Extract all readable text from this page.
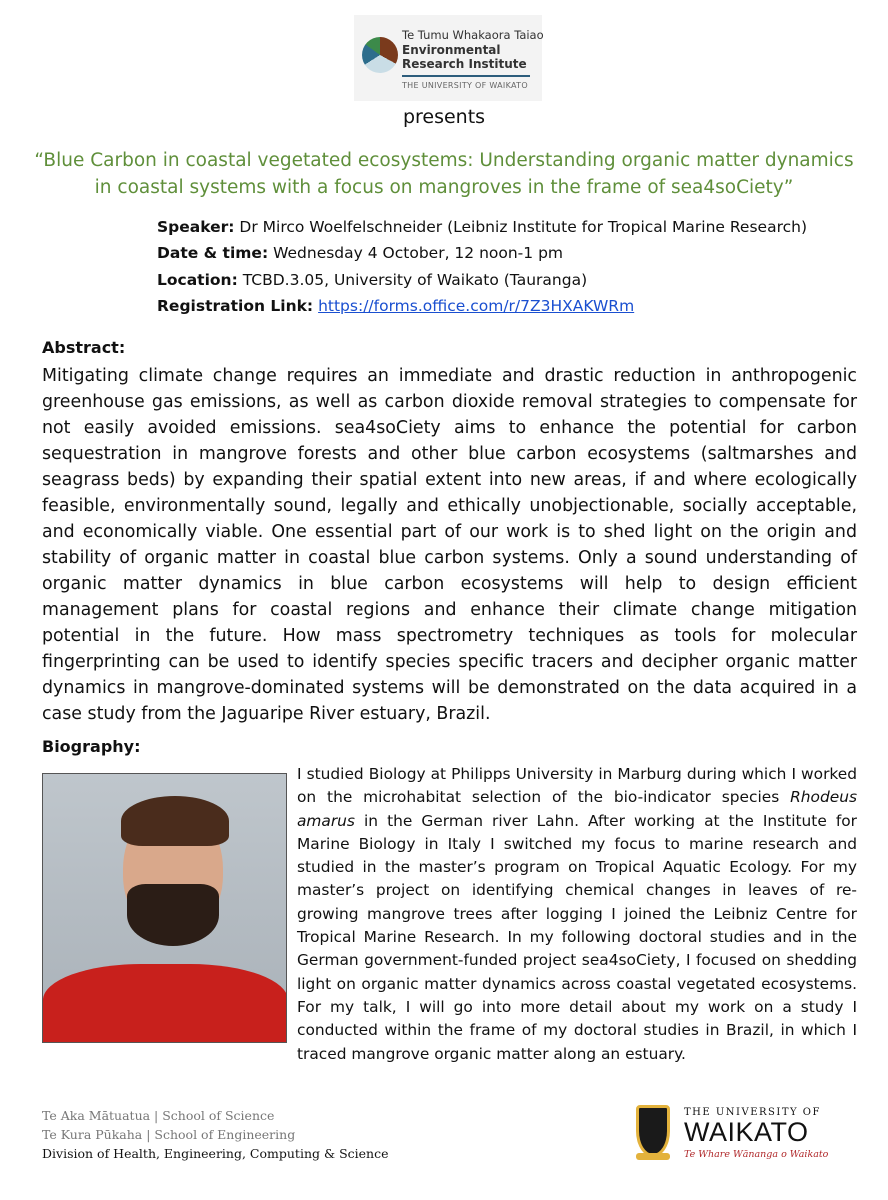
Te Tumu Whakaora Taiao
Environmental
Research Institute
THE UNIVERSITY OF WAIKATO
presents
“Blue Carbon in coastal vegetated ecosystems: Understanding organic matter dynamics in coastal systems with a focus on mangroves in the frame of sea4soCiety”
Speaker: Dr Mirco Woelfelschneider (Leibniz Institute for Tropical Marine Research)
Date & time: Wednesday 4 October, 12 noon-1 pm
Location: TCBD.3.05, University of Waikato (Tauranga)
Registration Link: https://forms.office.com/r/7Z3HXAKWRm
Abstract:
Mitigating climate change requires an immediate and drastic reduction in anthropogenic greenhouse gas emissions, as well as carbon dioxide removal strategies to compensate for not easily avoided emissions. sea4soCiety aims to enhance the potential for carbon sequestration in mangrove forests and other blue carbon ecosystems (saltmarshes and seagrass beds) by expanding their spatial extent into new areas, if and where ecologically feasible, environmentally sound, legally and ethically unobjectionable, socially acceptable, and economically viable. One essential part of our work is to shed light on the origin and stability of organic matter in coastal blue carbon systems. Only a sound understanding of organic matter dynamics in blue carbon ecosystems will help to design efficient management plans for coastal regions and enhance their climate change mitigation potential in the future. How mass spectrometry techniques as tools for molecular fingerprinting can be used to identify species specific tracers and decipher organic matter dynamics in mangrove-dominated systems will be demonstrated on the data acquired in a case study from the Jaguaripe River estuary, Brazil.
Biography:
I studied Biology at Philipps University in Marburg during which I worked on the microhabitat selection of the bio-indicator species Rhodeus amarus in the German river Lahn. After working at the Institute for Marine Biology in Italy I switched my focus to marine research and studied in the master’s program on Tropical Aquatic Ecology. For my master’s project on identifying chemical changes in leaves of re-growing mangrove trees after logging I joined the Leibniz Centre for Tropical Marine Research. In my following doctoral studies and in the German government-funded project sea4soCiety, I focused on shedding light on organic matter dynamics across coastal vegetated ecosystems. For my talk, I will go into more detail about my work on a study I conducted within the frame of my doctoral studies in Brazil, in which I traced mangrove organic matter along an estuary.
Te Aka Mātuatua | School of Science
Te Kura Pūkaha | School of Engineering
Division of Health, Engineering, Computing & Science
THE UNIVERSITY OF
WAIKATO
Te Whare Wānanga o Waikato
